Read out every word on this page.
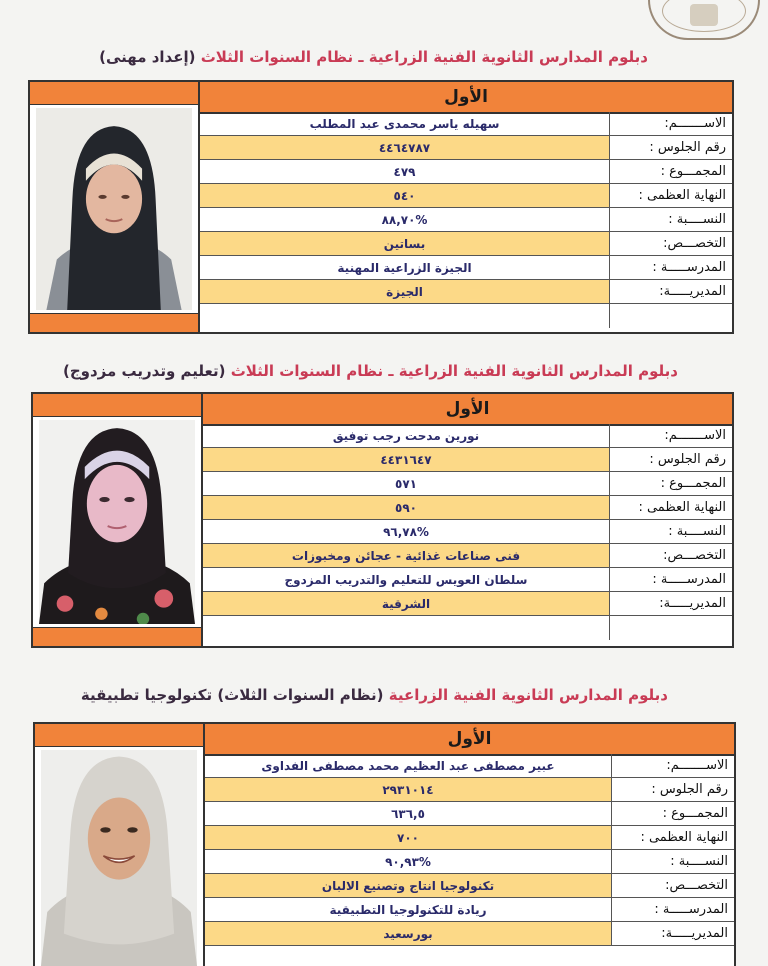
دبلوم المدارس الثانوية الفنية الزراعية ـ نظام السنوات الثلاث (إعداد مهنى)
الأول
سهيله ياسر محمدى عبد المطلب	الاســـــــم:
٤٤٦٤٧٨٧	رقم الجلوس :
٤٧٩	المجمـــوع :
٥٤٠	النهاية العظمى :
%٨٨,٧٠	النســــبة :
بساتين	التخصـــص:
الجيزة الزراعية المهنية	المدرســـــة :
الجيزة	المديريـــــة:
دبلوم المدارس الثانوية الفنية الزراعية ـ نظام السنوات الثلاث (تعليم وتدريب مزدوج)
الأول
نورين مدحت رجب توفيق	الاســـــــم:
٤٤٣١٦٤٧	رقم الجلوس :
٥٧١	المجمـــوع :
٥٩٠	النهاية العظمى :
%٩٦,٧٨	النســــبة :
فنى صناعات غذائية - عجائن ومخبوزات	التخصـــص:
سلطان العويس للتعليم والتدريب المزدوج	المدرســـــة :
الشرقية	المديريـــــة:
دبلوم المدارس الثانوية الفنية الزراعية (نظام السنوات الثلاث) تكنولوجيا تطبيقية
الأول
عبير مصطفى عبد العظيم محمد مصطفى الفداوى	الاســـــــم:
٢٩٣١٠١٤	رقم الجلوس :
٦٣٦,٥	المجمـــوع :
٧٠٠	النهاية العظمى :
%٩٠,٩٣	النســــبة :
تكنولوجيا انتاج وتصنيع الالبان	التخصـــص:
ريادة للتكنولوجيا التطبيقية	المدرســـــة :
بورسعيد	المديريـــــة:
